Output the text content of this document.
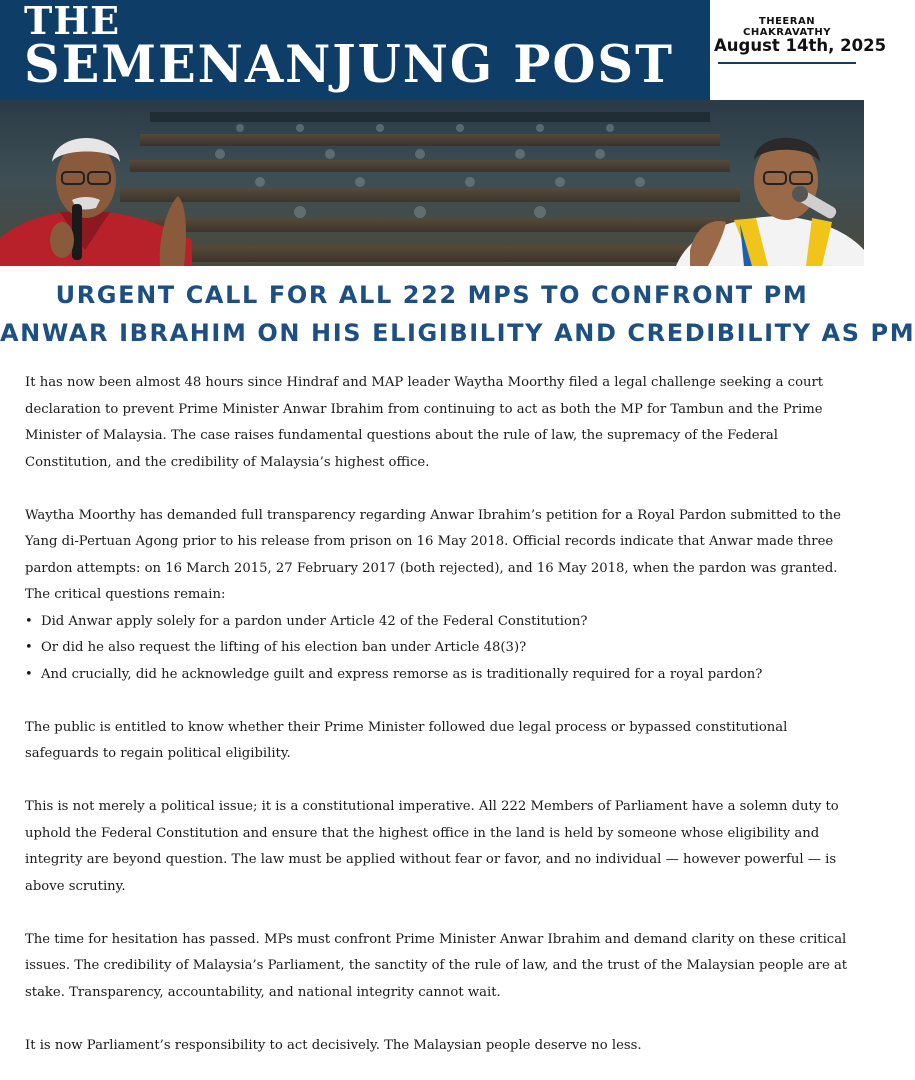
THE
SEMENANJUNG POST
THEERAN CHAKRAVATHY
August 14th, 2025
URGENT CALL FOR ALL 222 MPS TO CONFRONT PM
ANWAR IBRAHIM ON HIS ELIGIBILITY AND CREDIBILITY AS PM

It has now been almost 48 hours since Hindraf and MAP leader Waytha Moorthy filed a legal challenge seeking a court declaration to prevent Prime Minister Anwar Ibrahim from continuing to act as both the MP for Tambun and the Prime Minister of Malaysia. The case raises fundamental questions about the rule of law, the supremacy of the Federal Constitution, and the credibility of Malaysia’s highest office.

Waytha Moorthy has demanded full transparency regarding Anwar Ibrahim’s petition for a Royal Pardon submitted to the Yang di-Pertuan Agong prior to his release from prison on 16 May 2018. Official records indicate that Anwar made three pardon attempts: on 16 March 2015, 27 February 2017 (both rejected), and 16 May 2018, when the pardon was granted. The critical questions remain:

• Did Anwar apply solely for a pardon under Article 42 of the Federal Constitution?
• Or did he also request the lifting of his election ban under Article 48(3)?
• And crucially, did he acknowledge guilt and express remorse as is traditionally required for a royal pardon?

The public is entitled to know whether their Prime Minister followed due legal process or bypassed constitutional safeguards to regain political eligibility.

This is not merely a political issue; it is a constitutional imperative. All 222 Members of Parliament have a solemn duty to uphold the Federal Constitution and ensure that the highest office in the land is held by someone whose eligibility and integrity are beyond question. The law must be applied without fear or favor, and no individual — however powerful — is above scrutiny.

The time for hesitation has passed. MPs must confront Prime Minister Anwar Ibrahim and demand clarity on these critical issues. The credibility of Malaysia’s Parliament, the sanctity of the rule of law, and the trust of the Malaysian people are at stake. Transparency, accountability, and national integrity cannot wait.

It is now Parliament’s responsibility to act decisively. The Malaysian people deserve no less.
